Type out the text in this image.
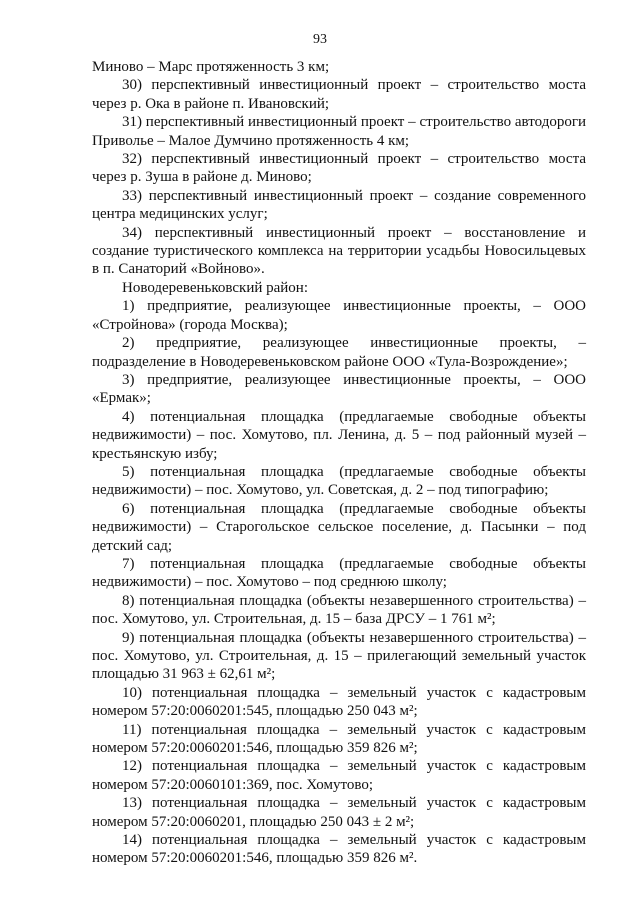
93

Миново – Марс протяженность 3 км;

30) перспективный инвестиционный проект – строительство моста через р. Ока в районе п. Ивановский;

31) перспективный инвестиционный проект – строительство автодороги Приволье – Малое Думчино протяженность 4 км;

32) перспективный инвестиционный проект – строительство моста через р. Зуша в районе д. Миново;

33) перспективный инвестиционный проект – создание современного центра медицинских услуг;

34) перспективный инвестиционный проект – восстановление и создание туристического комплекса на территории усадьбы Новосильцевых в п. Санаторий «Войново».

Новодеревеньковский район:

1) предприятие, реализующее инвестиционные проекты, – ООО «Стройнова» (города Москва);

2) предприятие, реализующее инвестиционные проекты, – подразделение в Новодеревеньковском районе ООО «Тула-Возрождение»;

3) предприятие, реализующее инвестиционные проекты, – ООО «Ермак»;

4) потенциальная площадка (предлагаемые свободные объекты недвижимости) – пос. Хомутово, пл. Ленина, д. 5 – под районный музей – крестьянскую избу;

5) потенциальная площадка (предлагаемые свободные объекты недвижимости) – пос. Хомутово, ул. Советская, д. 2 – под типографию;

6) потенциальная площадка (предлагаемые свободные объекты недвижимости) – Старогольское сельское поселение, д. Пасынки – под детский сад;

7) потенциальная площадка (предлагаемые свободные объекты недвижимости) – пос. Хомутово – под среднюю школу;

8) потенциальная площадка (объекты незавершенного строительства) – пос. Хомутово, ул. Строительная, д. 15 – база ДРСУ – 1 761 м²;

9) потенциальная площадка (объекты незавершенного строительства) – пос. Хомутово, ул. Строительная, д. 15 – прилегающий земельный участок площадью 31 963 ± 62,61 м²;

10) потенциальная площадка – земельный участок с кадастровым номером 57:20:0060201:545, площадью 250 043 м²;

11) потенциальная площадка – земельный участок с кадастровым номером 57:20:0060201:546, площадью 359 826 м²;

12) потенциальная площадка – земельный участок с кадастровым номером 57:20:0060101:369, пос. Хомутово;

13) потенциальная площадка – земельный участок с кадастровым номером 57:20:0060201, площадью 250 043 ± 2 м²;

14) потенциальная площадка – земельный участок с кадастровым номером 57:20:0060201:546, площадью 359 826 м².
